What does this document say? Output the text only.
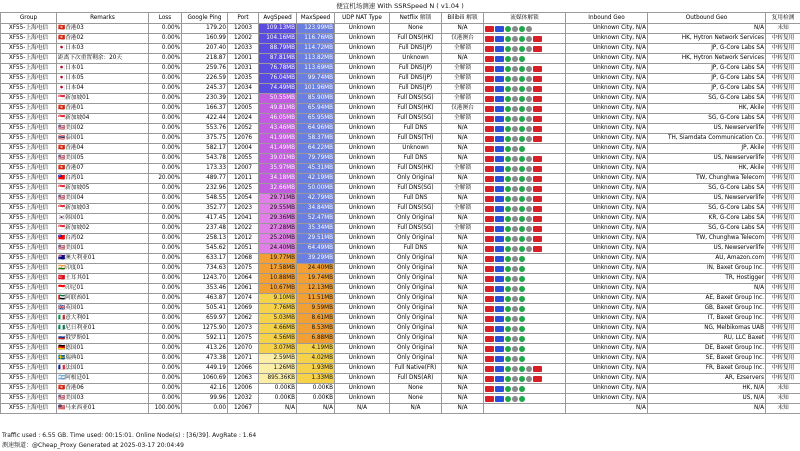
便宜机场测速 With SSRSpeed N ( v1.04 )
Group	Remarks	Loss	Google Ping	Port	AvgSpeed	MaxSpeed	UDP NAT Type	Netflix 解锁	Bilibili 解锁	流媒体解锁	Inbound Geo	Outbound Geo	复用检测
XF55-上海电信	🇭🇰香港03	0.00%	179.20	12003	109.13MB	123.99MB	Unknown	None	N/A		Unknown City, N/A	N/A	未知
XF55-上海电信	🇭🇰香港02	0.00%	160.99	12002	104.16MB	116.76MB	Unknown	Full DNS(HK)	仅港澳台		Unknown City, N/A	HK, Hytron Network Services	中转复用
XF55-上海电信	🇯🇵日本03	0.00%	207.40	12033	88.79MB	114.72MB	Unknown	Full DNS(JP)	全解锁		Unknown City, N/A	JP, G-Core Labs SA	中转复用
XF55-上海电信	距离下次重置剩余：20天	0.00%	218.87	12001	87.81MB	113.82MB	Unknown	Unknown	N/A		Unknown City, N/A	HK, Hytron Network Services	中转复用
XF55-上海电信	🇯🇵日本01	0.00%	259.76	12031	76.78MB	113.69MB	Unknown	Full DNS(JP)	全解锁		Unknown City, N/A	JP, G-Core Labs SA	中转复用
XF55-上海电信	🇯🇵日本05	0.00%	226.59	12035	76.04MB	99.74MB	Unknown	Full DNS(JP)	全解锁		Unknown City, N/A	JP, G-Core Labs SA	中转复用
XF55-上海电信	🇯🇵日本04	0.00%	245.37	12034	74.49MB	101.96MB	Unknown	Full DNS(JP)	全解锁		Unknown City, N/A	JP, G-Core Labs SA	中转复用
XF55-上海电信	🇸🇬新加坡01	0.00%	230.39	12021	50.55MB	85.90MB	Unknown	Full DNS(SG)	全解锁		Unknown City, N/A	SG, G-Core Labs SA	中转复用
XF55-上海电信	🇭🇰香港01	0.00%	166.37	12005	49.81MB	65.94MB	Unknown	Full DNS(HK)	仅港澳台		Unknown City, N/A	HK, Akile	中转复用
XF55-上海电信	🇸🇬新加坡04	0.00%	422.44	12024	46.05MB	65.95MB	Unknown	Full DNS(SG)	全解锁		Unknown City, N/A	SG, G-Core Labs SA	中转复用
XF55-上海电信	🇺🇸美国02	0.00%	553.76	12052	43.46MB	64.96MB	Unknown	Full DNS	N/A		Unknown City, N/A	US, Newserverlife	中转复用
XF55-上海电信	🇹🇭泰国01	0.00%	375.75	12076	41.99MB	58.37MB	Unknown	Full DNS(TH)	N/A		Unknown City, N/A	TH, Siamdata Communication Co.	中转复用
XF55-上海电信	🇭🇰香港04	0.00%	582.17	12004	41.49MB	64.22MB	Unknown	Unknown	N/A		Unknown City, N/A	JP, Akile	中转复用
XF55-上海电信	🇺🇸美国05	0.00%	543.78	12055	39.01MB	79.79MB	Unknown	Full DNS	N/A		Unknown City, N/A	US, Newserverlife	中转复用
XF55-上海电信	🇭🇰香港07	0.00%	173.33	12007	35.97MB	45.31MB	Unknown	Full DNS(HK)	全解锁		Unknown City, N/A	HK, Akile	中转复用
XF55-上海电信	🇹🇼台湾01	20.00%	489.77	12011	34.18MB	42.19MB	Unknown	Only Original	N/A		Unknown City, N/A	TW, Chunghwa Telecom	中转复用
XF55-上海电信	🇸🇬新加坡05	0.00%	232.96	12025	32.66MB	50.00MB	Unknown	Full DNS(SG)	全解锁		Unknown City, N/A	SG, G-Core Labs SA	中转复用
XF55-上海电信	🇺🇸美国04	0.00%	548.55	12054	29.71MB	42.79MB	Unknown	Full DNS	N/A		Unknown City, N/A	US, Newserverlife	中转复用
XF55-上海电信	🇸🇬新加坡03	0.00%	352.77	12023	29.55MB	34.84MB	Unknown	Full DNS(SG)	全解锁		Unknown City, N/A	SG, G-Core Labs SA	中转复用
XF55-上海电信	🇰🇷韩国01	0.00%	417.45	12041	29.36MB	52.47MB	Unknown	Only Original	N/A		Unknown City, N/A	KR, G-Core Labs SA	中转复用
XF55-上海电信	🇸🇬新加坡02	0.00%	237.48	12022	27.28MB	35.34MB	Unknown	Full DNS(SG)	全解锁		Unknown City, N/A	SG, G-Core Labs SA	中转复用
XF55-上海电信	🇹🇼台湾02	0.00%	258.13	12012	25.20MB	29.51MB	Unknown	Only Original	N/A		Unknown City, N/A	TW, Chunghwa Telecom	中转复用
XF55-上海电信	🇺🇸美国01	0.00%	545.62	12051	24.40MB	64.49MB	Unknown	Full DNS	N/A		Unknown City, N/A	US, Newserverlife	中转复用
XF55-上海电信	🇦🇺澳大利亚01	0.00%	633.17	12068	19.77MB	39.29MB	Unknown	Only Original	N/A		Unknown City, N/A	AU, Amazon.com	中转复用
XF55-上海电信	🇮🇳印度01	0.00%	734.63	12075	17.58MB	24.40MB	Unknown	Only Original	N/A		Unknown City, N/A	IN, Baxet Group Inc.	中转复用
XF55-上海电信	🇹🇷土耳其01	0.00%	1243.70	12064	10.88MB	19.74MB	Unknown	Only Original	N/A		Unknown City, N/A	TR, Hostigger	中转复用
XF55-上海电信	🇮🇩印尼01	0.00%	353.46	12061	10.67MB	12.13MB	Unknown	Only Original	N/A		Unknown City, N/A	N/A	中转复用
XF55-上海电信	🇦🇪阿联酋01	0.00%	463.87	12074	9.10MB	11.51MB	Unknown	Only Original	N/A		Unknown City, N/A	AE, Baxet Group Inc.	中转复用
XF55-上海电信	🇬🇧英国01	0.00%	505.41	12069	7.76MB	9.59MB	Unknown	Only Original	N/A		Unknown City, N/A	GB, Baxet Group Inc.	中转复用
XF55-上海电信	🇮🇹意大利01	0.00%	659.97	12062	5.03MB	8.61MB	Unknown	Only Original	N/A		Unknown City, N/A	IT, Baxet Group Inc.	中转复用
XF55-上海电信	🇳🇬尼日利亚01	0.00%	1275.90	12073	4.66MB	8.53MB	Unknown	Only Original	N/A		Unknown City, N/A	NG, Melbikomas UAB	中转复用
XF55-上海电信	🇷🇺俄罗斯01	0.00%	592.11	12075	4.56MB	6.88MB	Unknown	Only Original	N/A		Unknown City, N/A	RU, LLC Baxet	中转复用
XF55-上海电信	🇩🇪德国01	0.00%	413.26	12070	3.07MB	4.19MB	Unknown	Only Original	N/A		Unknown City, N/A	DE, Baxet Group Inc.	中转复用
XF55-上海电信	🇸🇪瑞典01	0.00%	473.38	12071	2.59MB	4.02MB	Unknown	Only Original	N/A		Unknown City, N/A	SE, Baxet Group Inc.	中转复用
XF55-上海电信	🇫🇷法国01	0.00%	449.19	12066	1.26MB	1.93MB	Unknown	Full Native(FR)	N/A		Unknown City, N/A	FR, Baxet Group Inc.	中转复用
XF55-上海电信	🇦🇷阿根廷01	0.00%	1060.69	12063	895.36KB	1.33MB	Unknown	Full DNS(AR)	N/A		Unknown City, N/A	AR, Ezservers	中转复用
XF55-上海电信	🇭🇰香港06	0.00%	42.16	12006	0.00KB	0.00KB	Unknown	None	N/A		Unknown City, N/A	HK, N/A	未知
XF55-上海电信	🇺🇸美国03	0.00%	99.96	12032	0.00KB	0.00KB	Unknown	None	N/A		Unknown City, N/A	US, N/A	未知
XF55-上海电信	🇲🇾马来西亚01	100.00%	0.00	12067	N/A	N/A	N/A	N/A	N/A		N/A	N/A	未知
Traffic used : 6.55 GB. Time used: 00:15:01. Online Node(s) : [36/39]. AvgRate : 1.64
测速频道：@Cheap_Proxy Generated at 2025-03-17 20:04:49
